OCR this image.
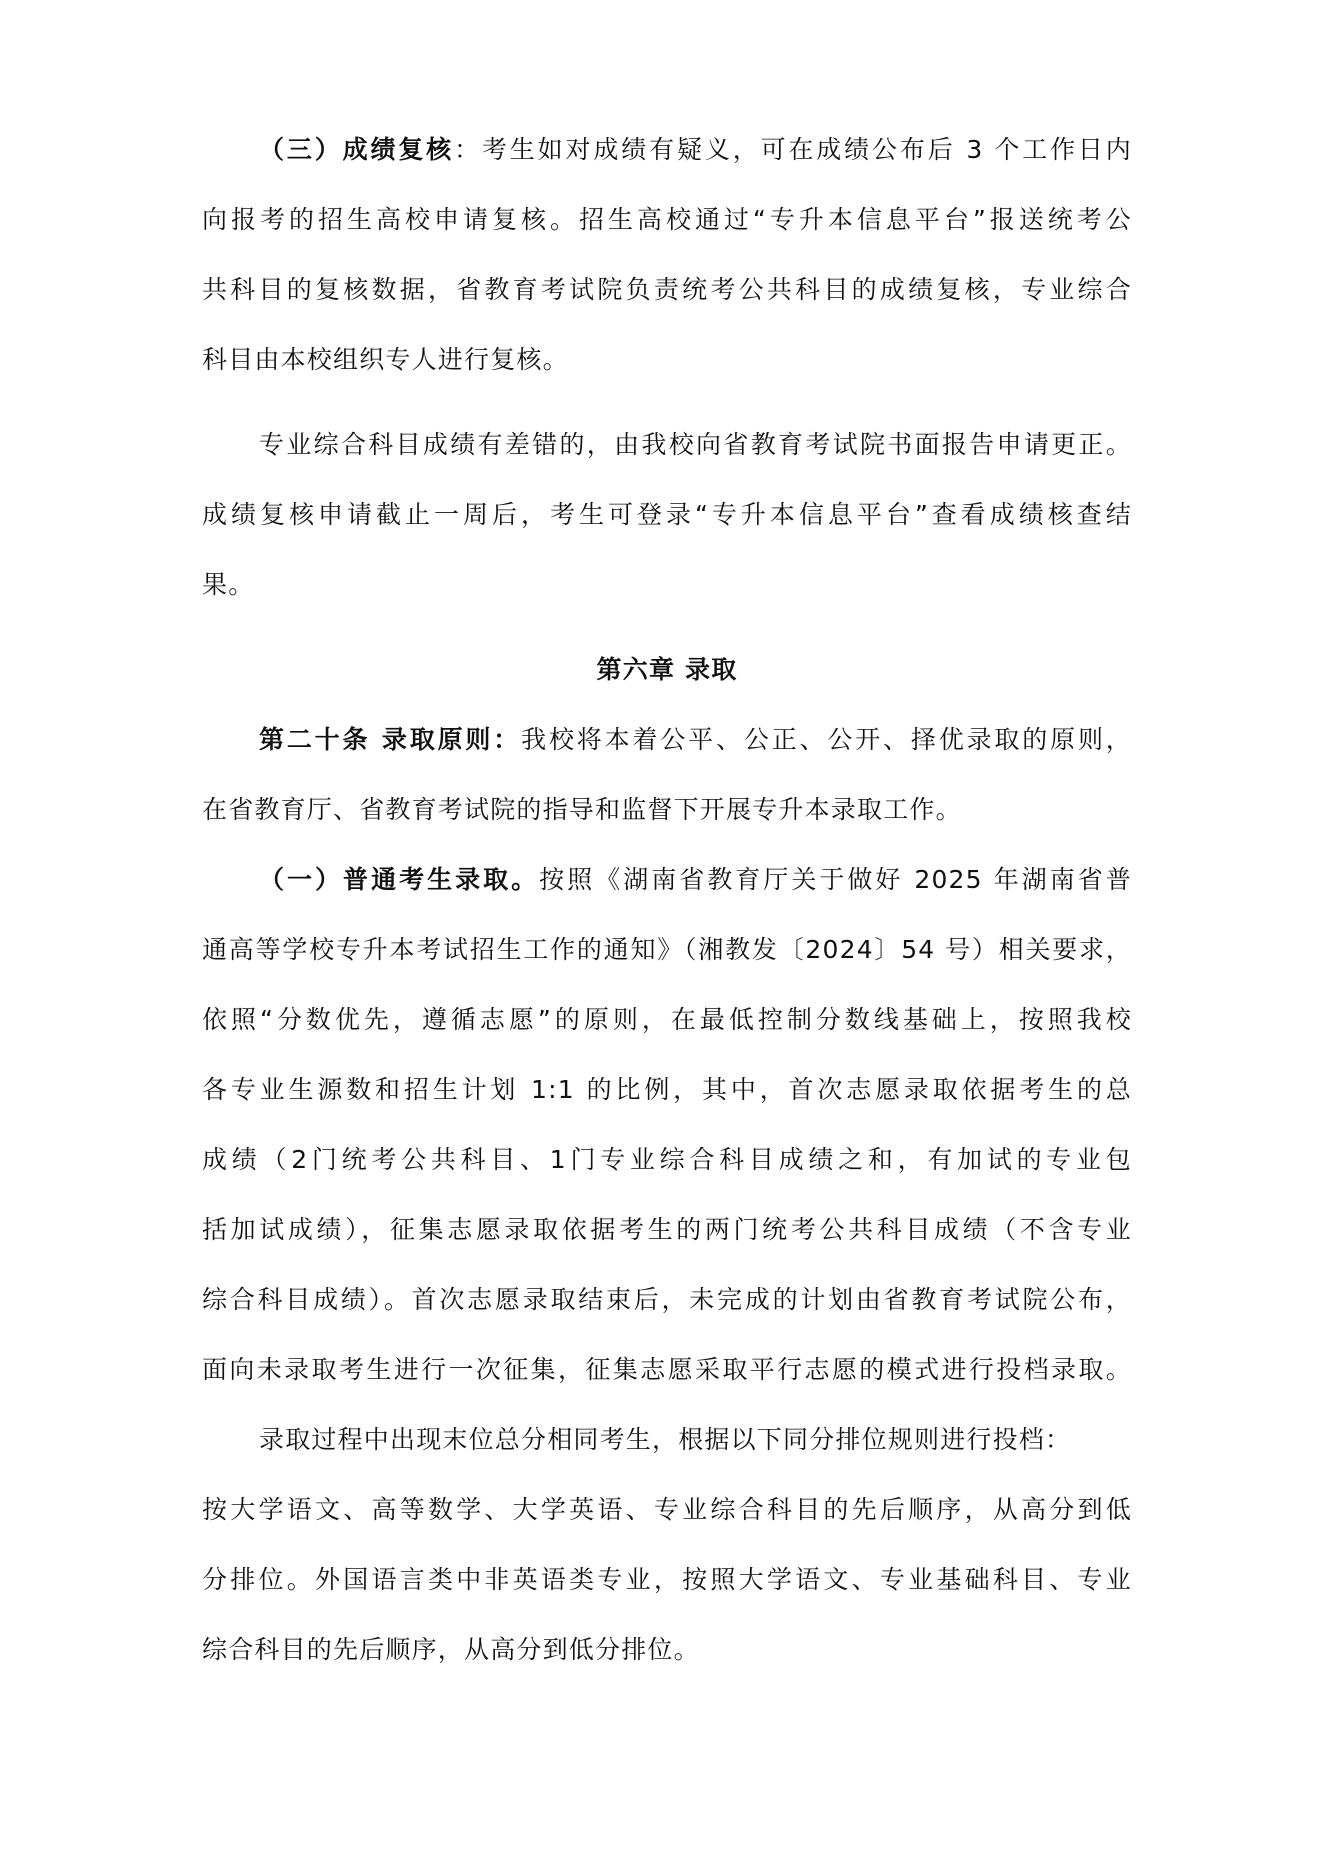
（三）成绩复核：考生如对成绩有疑义，可在成绩公布后 3 个工作日内
向报考的招生高校申请复核。招生高校通过“专升本信息平台”报送统考公
共科目的复核数据，省教育考试院负责统考公共科目的成绩复核，专业综合
科目由本校组织专人进行复核。
专业综合科目成绩有差错的，由我校向省教育考试院书面报告申请更正。
成绩复核申请截止一周后，考生可登录“专升本信息平台”查看成绩核查结
果。
第六章 录取
第二十条 录取原则：我校将本着公平、公正、公开、择优录取的原则，
在省教育厅、省教育考试院的指导和监督下开展专升本录取工作。
（一）普通考生录取。按照《湖南省教育厅关于做好 2025 年湖南省普
通高等学校专升本考试招生工作的通知》（湘教发〔2024〕54 号）相关要求，
依照“分数优先，遵循志愿”的原则，在最低控制分数线基础上，按照我校
各专业生源数和招生计划 1:1 的比例，其中，首次志愿录取依据考生的总
成绩（2门统考公共科目、1门专业综合科目成绩之和，有加试的专业包
括加试成绩），征集志愿录取依据考生的两门统考公共科目成绩（不含专业
综合科目成绩）。首次志愿录取结束后，未完成的计划由省教育考试院公布，
面向未录取考生进行一次征集，征集志愿采取平行志愿的模式进行投档录取。
录取过程中出现末位总分相同考生，根据以下同分排位规则进行投档：
按大学语文、高等数学、大学英语、专业综合科目的先后顺序，从高分到低
分排位。外国语言类中非英语类专业，按照大学语文、专业基础科目、专业
综合科目的先后顺序，从高分到低分排位。
